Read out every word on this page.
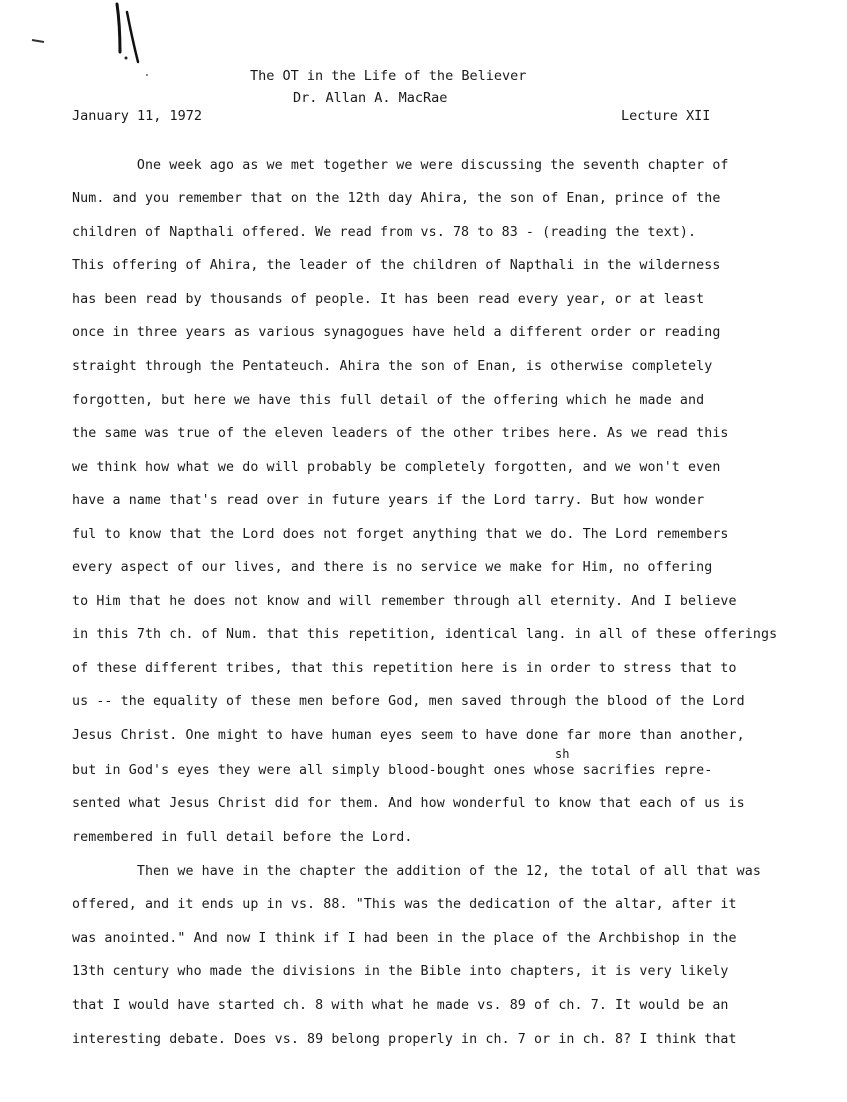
The OT in the Life of the Believer
Dr. Allan A. MacRae
January 11, 1972	Lecture XII
sh
One week ago as we met together we were discussing the seventh chapter of
Num. and you remember that on the 12th day Ahira, the son of Enan, prince of the
children of Napthali offered. We read from vs. 78 to 83 - (reading the text).
This offering of Ahira, the leader of the children of Napthali in the wilderness
has been read by thousands of people. It has been read every year, or at least
once in three years as various synagogues have held a different order or reading
straight through the Pentateuch. Ahira the son of Enan, is otherwise completely
forgotten, but here we have this full detail of the offering which he made and
the same was true of the eleven leaders of the other tribes here. As we read this
we think how what we do will probably be completely forgotten, and we won't even
have a name that's read over in future years if the Lord tarry. But how wonder
ful to know that the Lord does not forget anything that we do. The Lord remembers
every aspect of our lives, and there is no service we make for Him, no offering
to Him that he does not know and will remember through all eternity. And I believe
in this 7th ch. of Num. that this repetition, identical lang. in all of these offerings
of these different tribes, that this repetition here is in order to stress that to
us -- the equality of these men before God, men saved through the blood of the Lord
Jesus Christ. One might to have human eyes seem to have done far more than another,
but in God's eyes they were all simply blood-bought ones whose sacrifies repre-
sented what Jesus Christ did for them. And how wonderful to know that each of us is
remembered in full detail before the Lord.
Then we have in the chapter the addition of the 12, the total of all that was
offered, and it ends up in vs. 88. "This was the dedication of the altar, after it
was anointed." And now I think if I had been in the place of the Archbishop in the
13th century who made the divisions in the Bible into chapters, it is very likely
that I would have started ch. 8 with what he made vs. 89 of ch. 7. It would be an
interesting debate. Does vs. 89 belong properly in ch. 7 or in ch. 8? I think that
